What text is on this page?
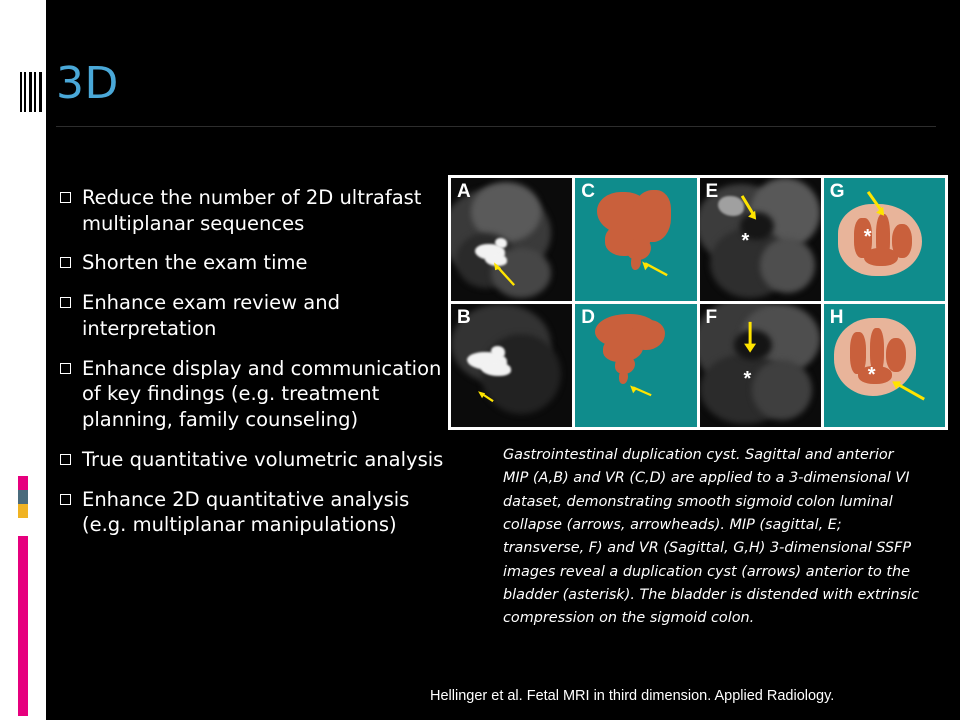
3D
Reduce the number of 2D ultrafast multiplanar sequences
Shorten the exam time
Enhance exam review and interpretation
Enhance display and communication of key findings (e.g. treatment planning, family counseling)
True quantitative volumetric analysis
Enhance 2D quantitative analysis (e.g. multiplanar manipulations)
A	C
*
E
*
G
B	D
*
F
*
H
Gastrointestinal duplication cyst. Sagittal and anterior MIP (A,B) and VR (C,D) are applied to a 3-dimensional VI dataset, demonstrating smooth sigmoid colon luminal collapse (arrows, arrowheads). MIP (sagittal, E; transverse, F) and VR (Sagittal, G,H) 3-dimensional SSFP images reveal a duplication cyst (arrows) anterior to the bladder (asterisk). The bladder is distended with extrinsic compression on the sigmoid colon.
Hellinger et al. Fetal MRI in third dimension. Applied Radiology.
